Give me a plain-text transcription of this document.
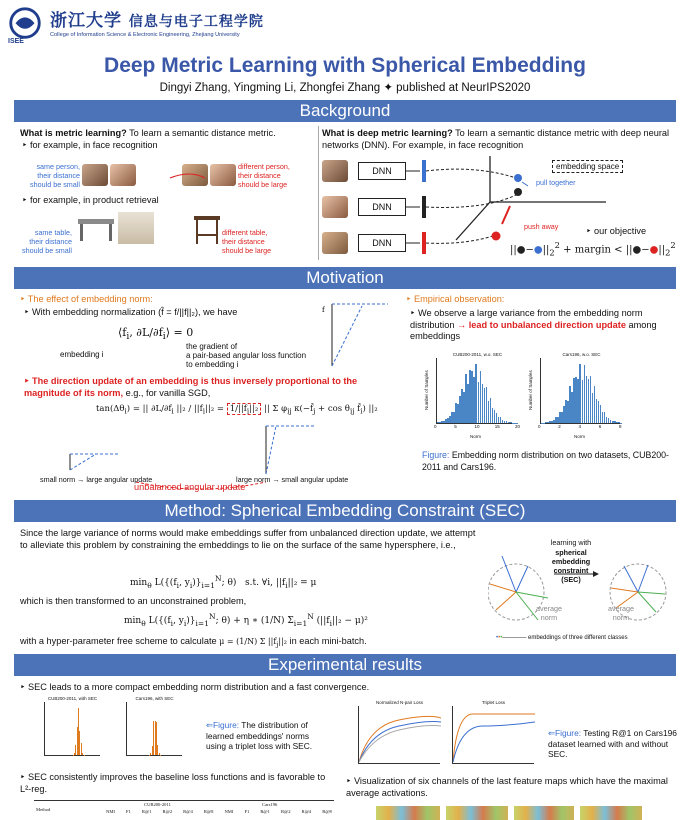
ISEE
浙江大学 信息与电子工程学院
College of Information Science & Electronic Engineering, Zhejiang University
Deep Metric Learning with Spherical Embedding
Dingyi Zhang, Yingming Li, Zhongfei Zhang ✦ published at NeurIPS2020
Background
What is metric learning? To learn a semantic distance metric.
‣ for example, in face recognition
same person,
their distance
should be small
different person,
their distance
should be large
‣ for example, in product retrieval
same table,
their distance
should be small
different table,
their distance
should be large
What is deep metric learning? To learn a semantic distance metric with deep neural networks (DNN). For example, in face recognition
DNN
DNN
DNN
embedding space
pull together
push away	‣ our objective
$||●-●||_2^2$ + margin < $||●-●||_2^2$
Motivation
‣ The effect of embedding norm:
‣ With embedding normalization (f̂ = f/||f||₂), we have
$⟨f_i$, $\partial L/\partial f_i⟩ = 0$
embedding i
the gradient of
a pair-based angular loss function
to embedding i
f
‣ The direction update of an embedding is thus inversely proportional to the magnitude of its norm, e.g., for vanilla SGD,
$\tan(\Delta\theta_i)$ = || $\partial L/\partial f_i$ $||_2 / ||f_i||_2 = 1/||f_i||_2$ || Σ $\varphi_{ij}$ $\kappa(-f̂_j + \cos \theta_{ij}$ $f̂_i$) ||₂
small norm → large angular update	large norm → small angular update
unbalanced angular update
‣ Empirical observation:
‣ We observe a large variance from the embedding norm distribution → lead to unbalanced direction update among embeddings
CUB200-2011, w.o. SEC
0	5	10	15	20
Cars196, w.o. SEC
0	2	4	6	8
Number of Samples	Number of Samples
Norm	Norm
Figure: Embedding norm distribution on two datasets, CUB200-2011 and Cars196.
Method: Spherical Embedding Constraint (SEC)
Since the large variance of norms would make embeddings suffer from unbalanced direction update, we attempt to alleviate this problem by constraining the embeddings to lie on the surface of the same hypersphere, i.e.,
$\min_\theta L(\{(f_i$, $y_i)\}_{i=1}^N$; θ)   s.t. ∀i, $||f_i||_2 = \mu$
which is then transformed to an unconstrained problem,
$\min_\theta L(\{(f_i$, $y_i)\}_{i=1}^N$; θ) + η ∗ (1/N) $\Sigma_{i=1}^N$ $(||f_i||_2 - \mu)^2$
with a hyper-parameter free scheme to calculate μ = (1/N) Σ $||f_j||_2$ in each mini-batch.
learning with
spherical
embedding
constraint
(SEC)
average
norm
average
norm
•••———— embeddings of three different classes
Experimental results
‣ SEC leads to a more compact embedding norm distribution and a fast convergence.
CUB200-2011, with SEC	Cars196, with SEC
⇐Figure: The distribution of learned embeddings' norms using a triplet loss with SEC.
Normalized N-pair Loss	Triplet Loss
⇐Figure: Testing R@1 on Cars196 dataset learned with and without SEC.
‣ SEC consistently improves the baseline loss functions and is favorable to L²-reg.
‣ Visualization of six channels of the last feature maps which have the maximal average activations.
Method
CUB200-2011	Cars196
NMI F1 R@1 R@2 R@4 R@8 NMI F1 R@1 R@2 R@4 R@8
